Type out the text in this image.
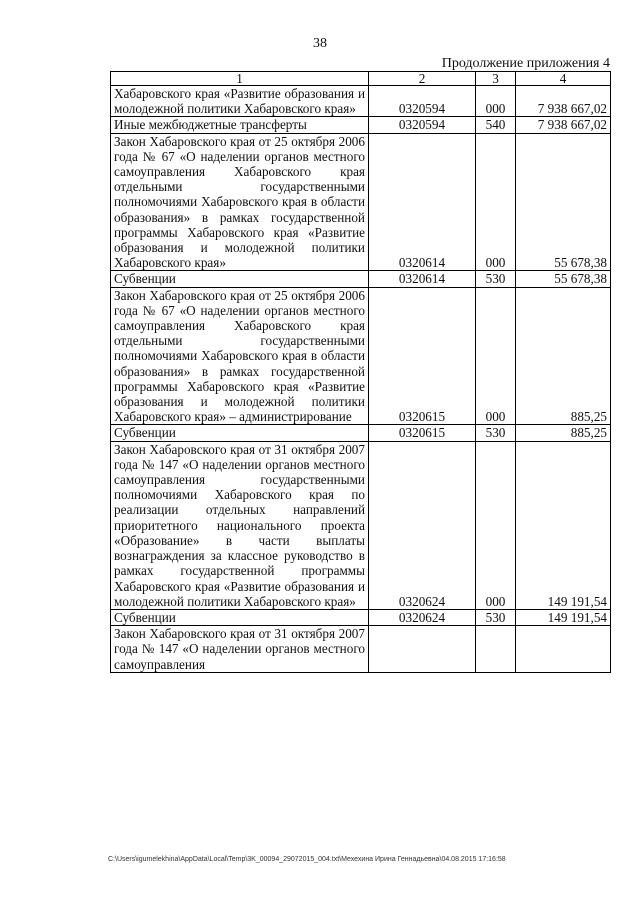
38
Продолжение приложения 4
1	2	3	4
Хабаровского края «Развитие образования и молодежной политики Хабаровского края»	0320594	000	7 938 667,02
Иные межбюджетные трансферты	0320594	540	7 938 667,02
Закон Хабаровского края от 25 октября 2006 года № 67 «О наделении органов местного самоуправления Хабаровского края отдельными государственными полномочиями Хабаровского края в области образования» в рамках государственной программы Хабаровского края «Развитие образования и молодежной политики Хабаровского края»	0320614	000	55 678,38
Субвенции	0320614	530	55 678,38
Закон Хабаровского края от 25 октября 2006 года № 67 «О наделении органов местного самоуправления Хабаровского края отдельными государственными полномочиями Хабаровского края в области образования» в рамках государственной программы Хабаровского края «Развитие образования и молодежной политики Хабаровского края» – администрирование	0320615	000	885,25
Субвенции	0320615	530	885,25
Закон Хабаровского края от 31 октября 2007 года № 147 «О наделении органов местного самоуправления государственными полномочиями Хабаровского края по реализации отдельных направлений приоритетного национального проекта «Образование» в части выплаты вознаграждения за классное руководство в рамках государственной программы Хабаровского края «Развитие образования и молодежной политики Хабаровского края»	0320624	000	149 191,54
Субвенции	0320624	530	149 191,54
Закон Хабаровского края от 31 октября 2007 года № 147 «О наделении органов местного самоуправления			
C:\Users\igumelekhina\AppData\Local\Temp\3K_00094_29072015_004.txt\Мехехина Ирина Геннадьевна\04.08.2015 17:16:58
